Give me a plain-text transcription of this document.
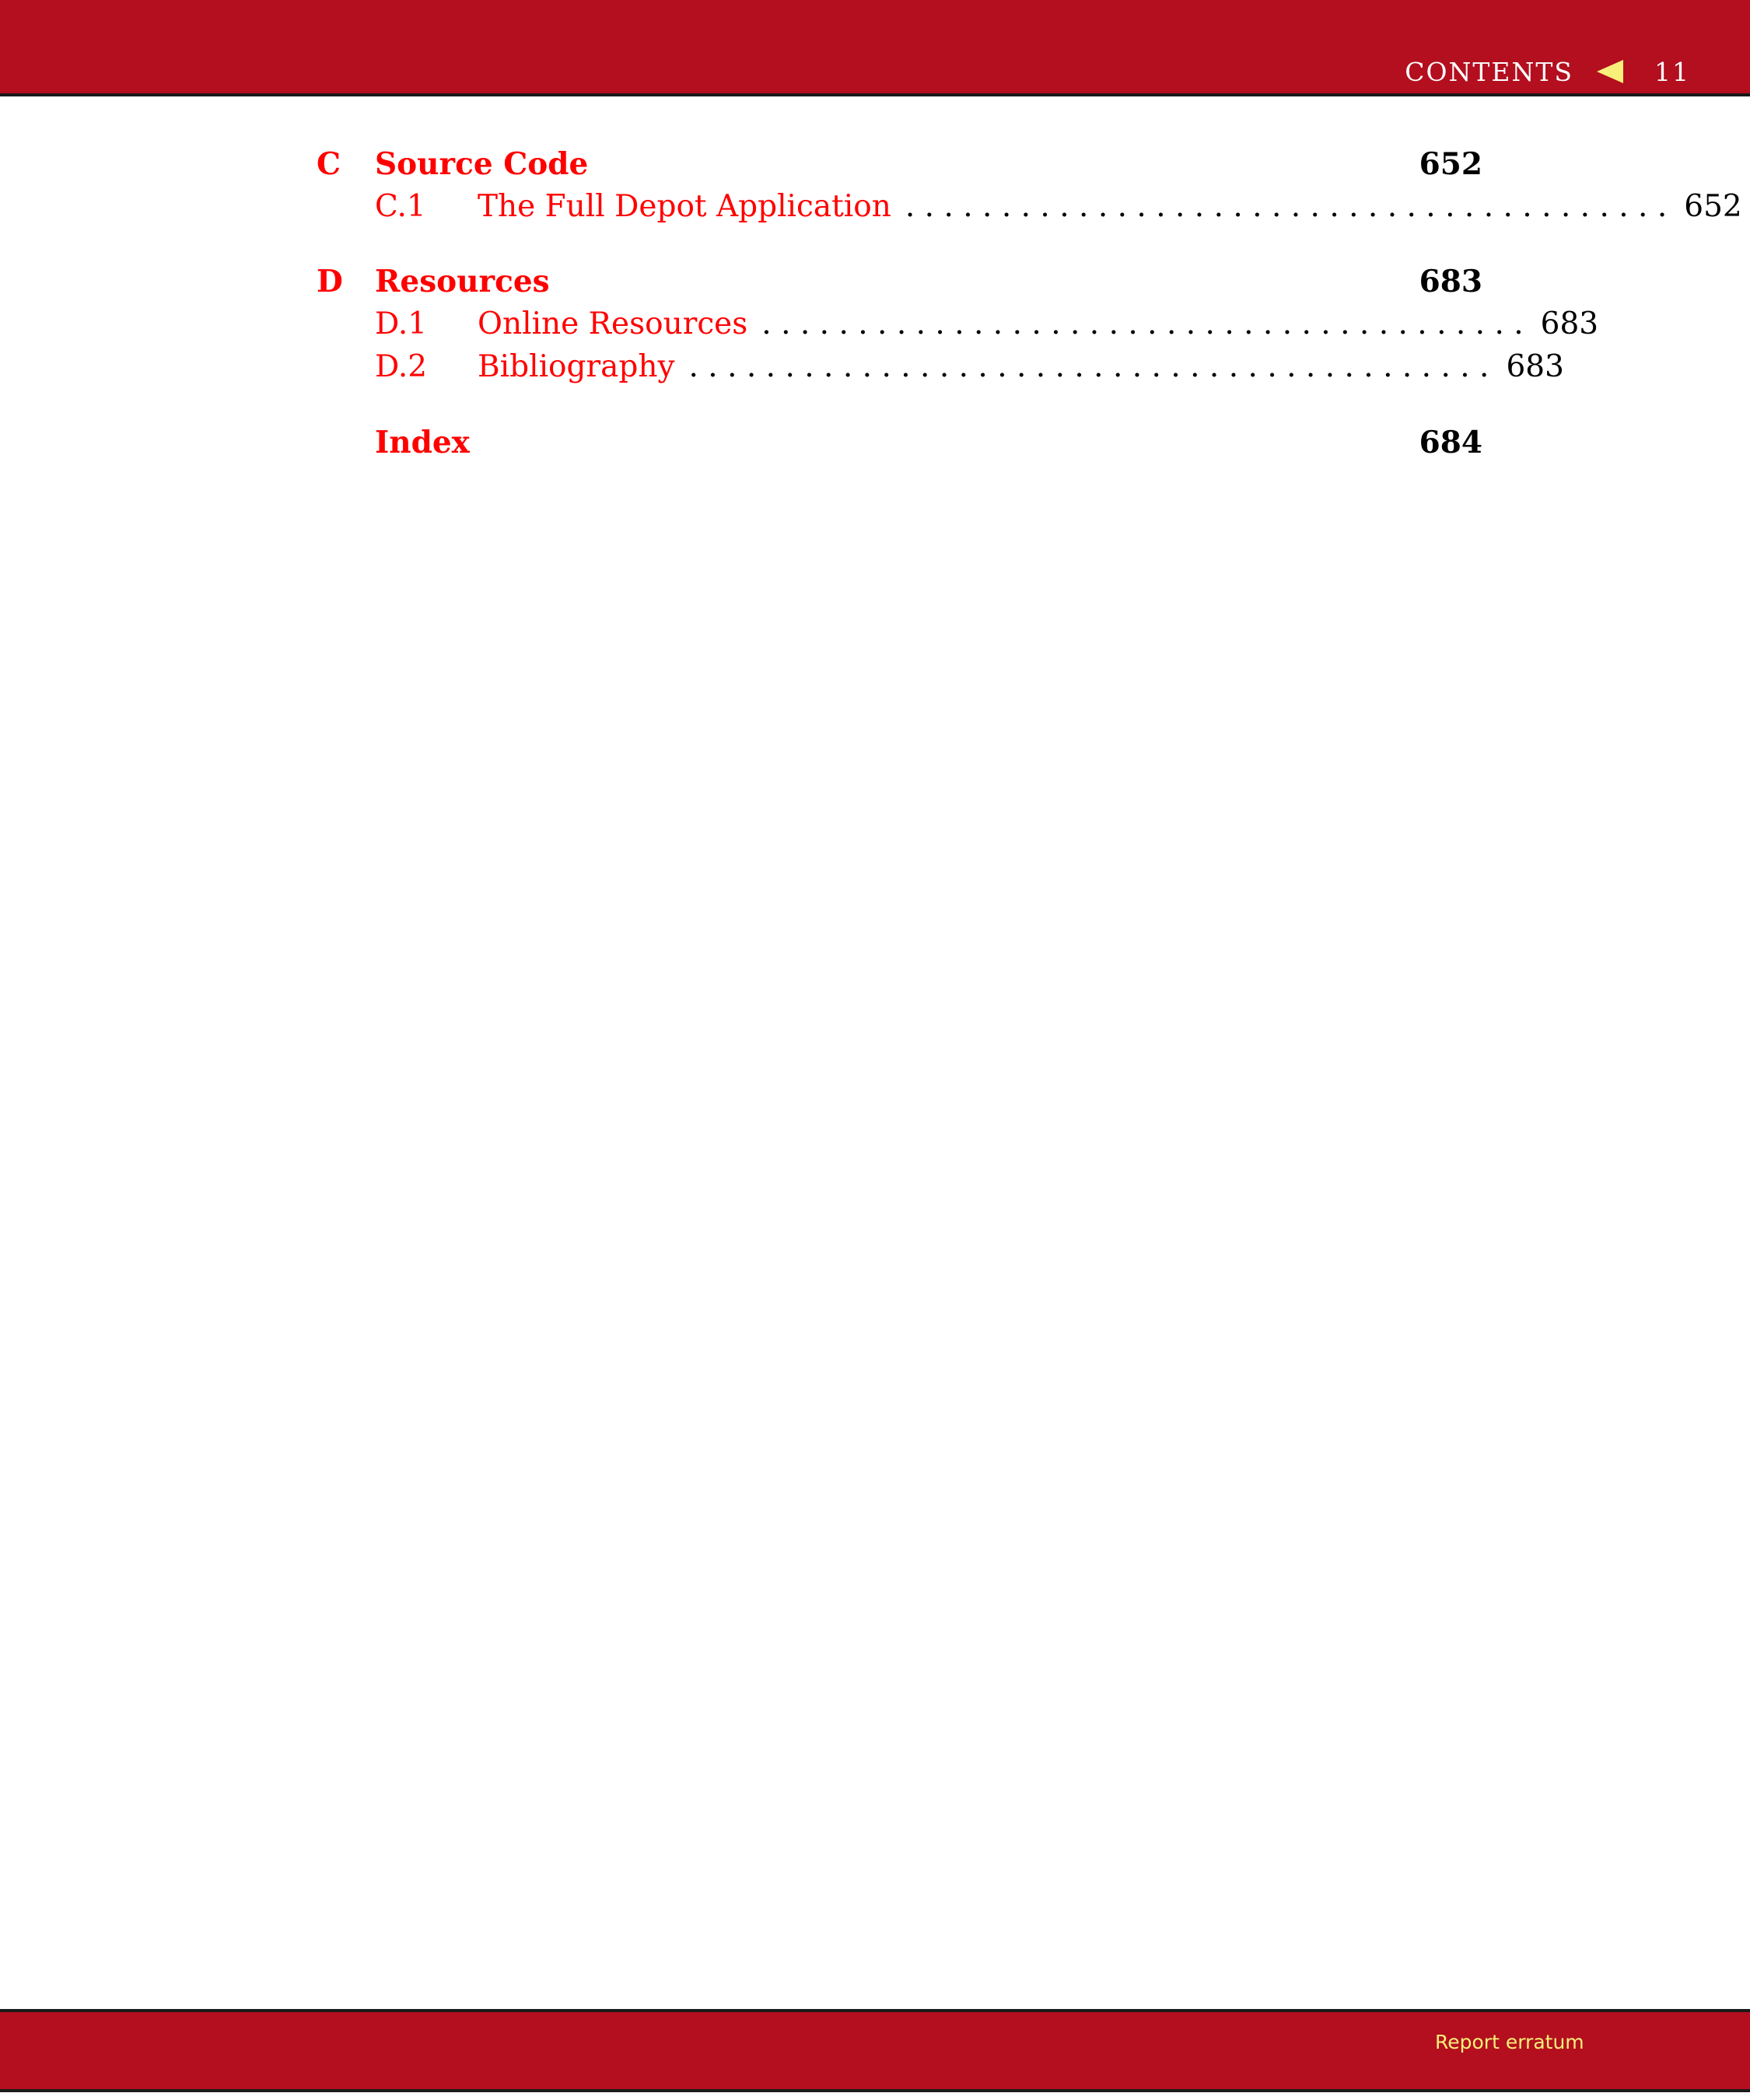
CONTENTS	11
C Source Code	652
C.1 The Full Depot Application . . . . . . . . . . . . . . . . . . . . . . . . . . . . . . . . . . . . . . . . 652
D Resources	683
D.1 Online Resources . . . . . . . . . . . . . . . . . . . . . . . . . . . . . . . . . . . . . . . . 683
D.2 Bibliography . . . . . . . . . . . . . . . . . . . . . . . . . . . . . . . . . . . . . . . . . . 683
Index	684
Report erratum
